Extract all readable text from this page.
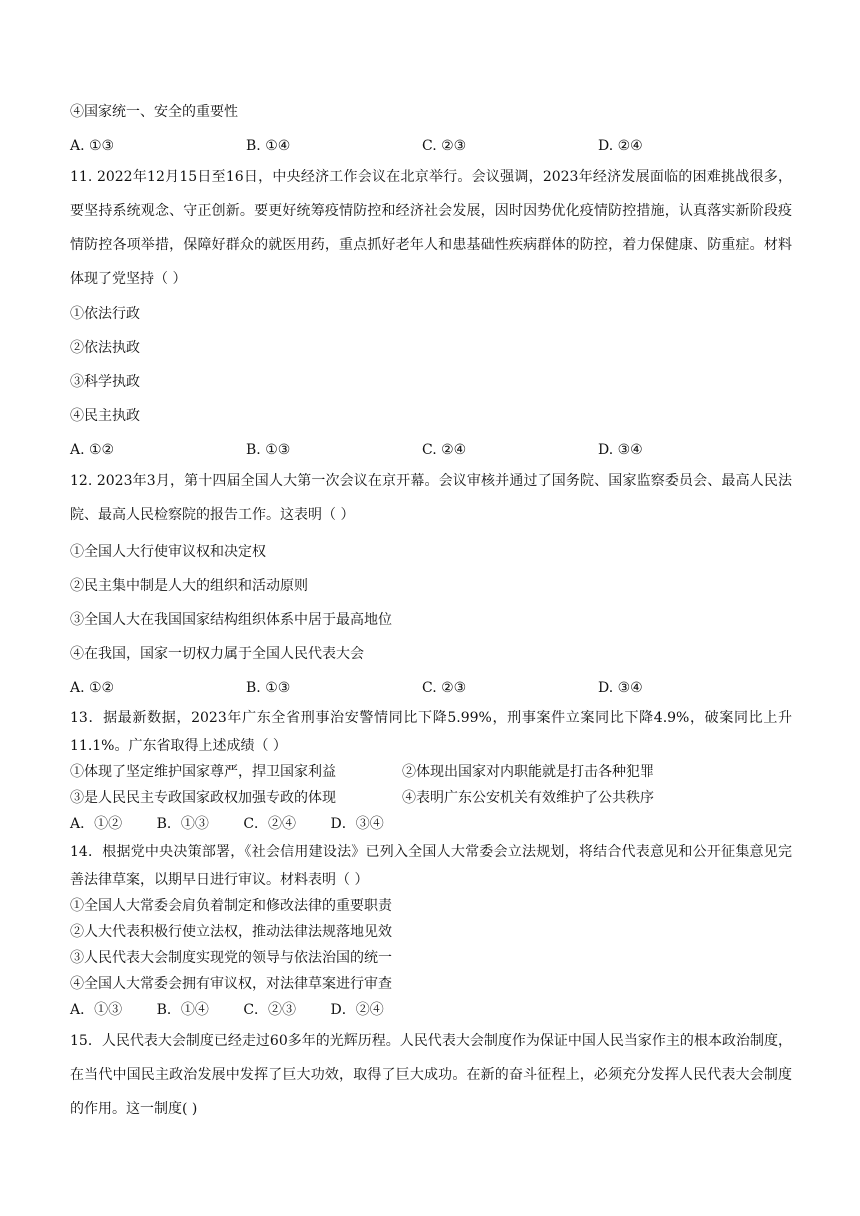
④国家统一、安全的重要性
A. ①③	B. ①④	C. ②③	D. ②④
11. 2022年12月15日至16日，中央经济工作会议在北京举行。会议强调，2023年经济发展面临的困难挑战很多，要坚持系统观念、守正创新。要更好统筹疫情防控和经济社会发展，因时因势优化疫情防控措施，认真落实新阶段疫情防控各项举措，保障好群众的就医用药，重点抓好老年人和患基础性疾病群体的防控，着力保健康、防重症。材料体现了党坚持（ ）
①依法行政
②依法执政
③科学执政
④民主执政
A. ①②	B. ①③	C. ②④	D. ③④
12. 2023年3月，第十四届全国人大第一次会议在京开幕。会议审核并通过了国务院、国家监察委员会、最高人民法院、最高人民检察院的报告工作。这表明（ ）
①全国人大行使审议权和决定权
②民主集中制是人大的组织和活动原则
③全国人大在我国国家结构组织体系中居于最高地位
④在我国，国家一切权力属于全国人民代表大会
A. ①②	B. ①③	C. ②③	D. ③④
13．据最新数据，2023年广东全省刑事治安警情同比下降5.99%，刑事案件立案同比下降4.9%，破案同比上升11.1%。广东省取得上述成绩（ ）
①体现了坚定维护国家尊严，捍卫国家利益	②体现出国家对内职能就是打击各种犯罪
③是人民民主专政国家政权加强专政的体现	④表明广东公安机关有效维护了公共秩序
A．①② B．①③ C．②④ D．③④
14．根据党中央决策部署，《社会信用建设法》已列入全国人大常委会立法规划，将结合代表意见和公开征集意见完善法律草案，以期早日进行审议。材料表明（ ）
①全国人大常委会肩负着制定和修改法律的重要职责
②人大代表积极行使立法权，推动法律法规落地见效
③人民代表大会制度实现党的领导与依法治国的统一
④全国人大常委会拥有审议权，对法律草案进行审查
A．①③ B．①④ C．②③ D．②④
15．人民代表大会制度已经走过60多年的光辉历程。人民代表大会制度作为保证中国人民当家作主的根本政治制度，在当代中国民主政治发展中发挥了巨大功效，取得了巨大成功。在新的奋斗征程上，必须充分发挥人民代表大会制度的作用。这一制度( )
